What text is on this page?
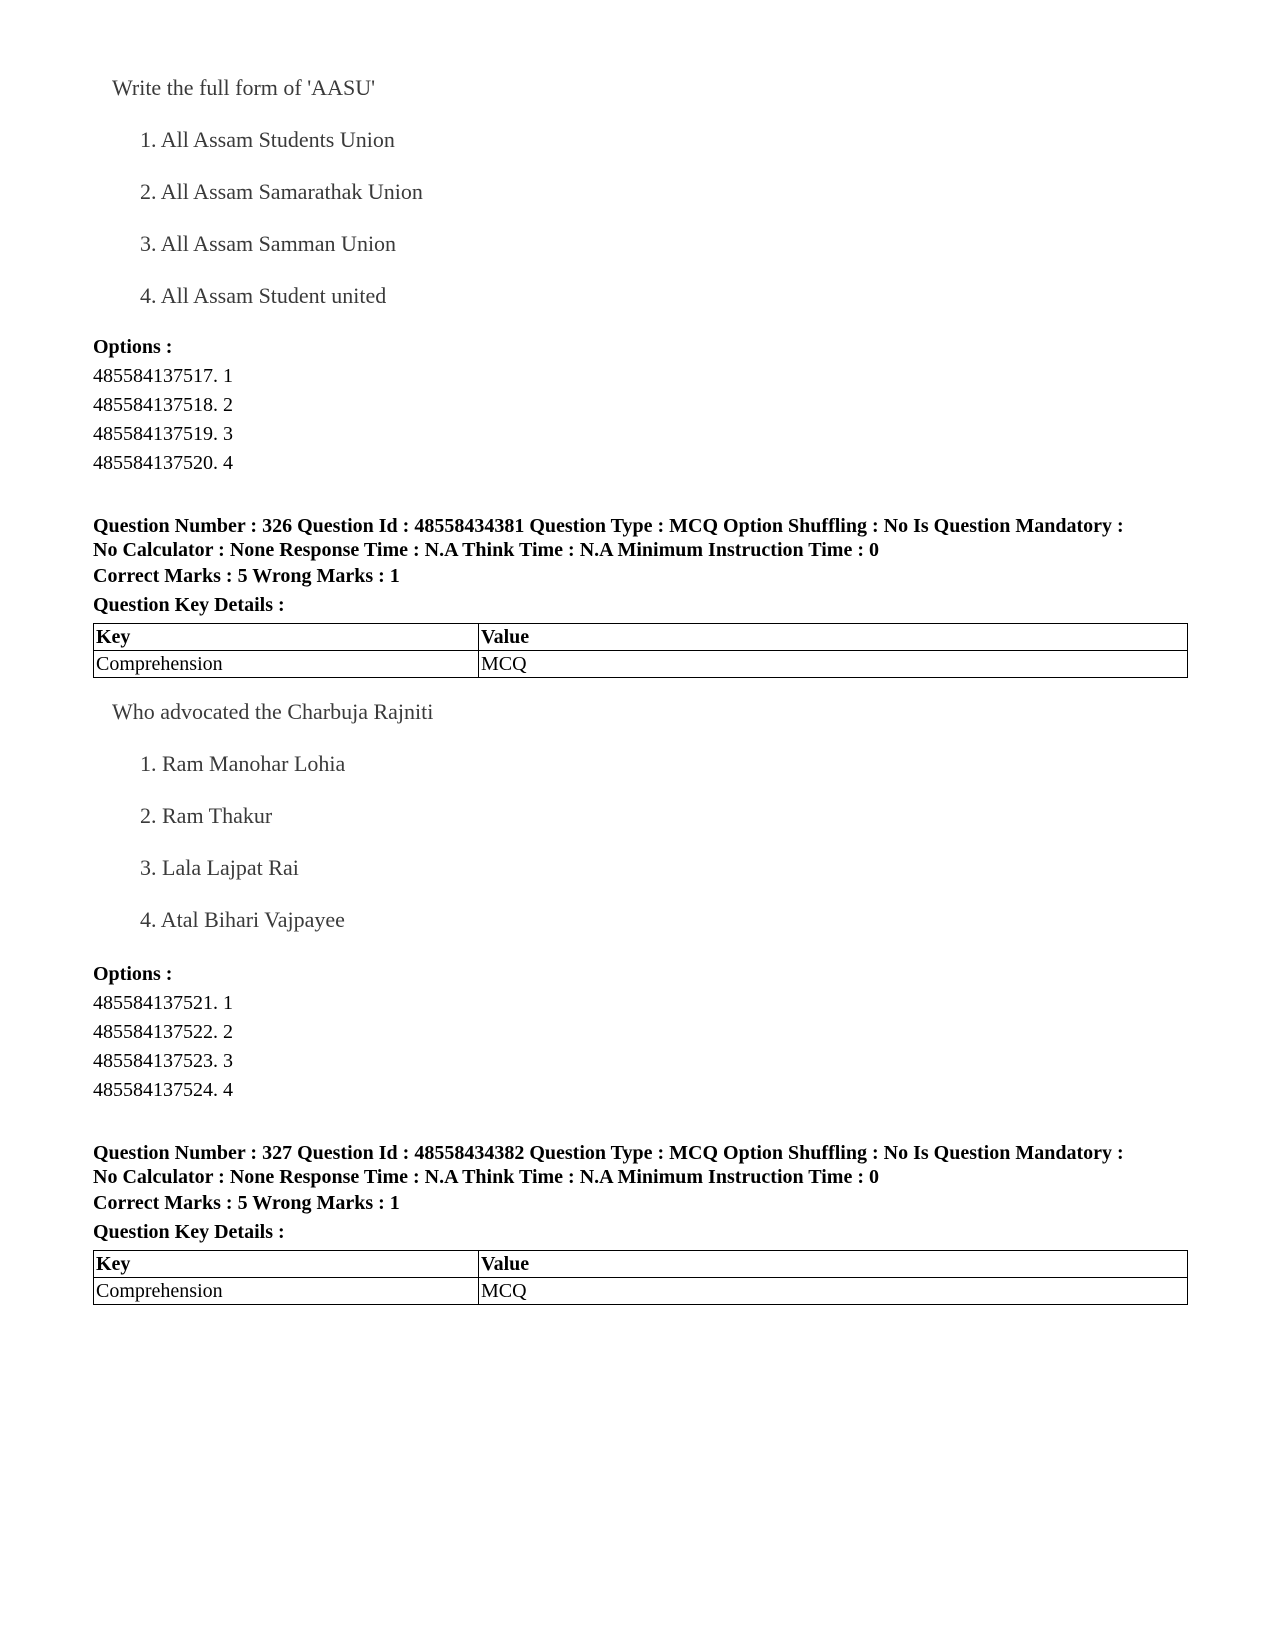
Write the full form of 'AASU'

1. All Assam Students Union
2. All Assam Samarathak Union
3. All Assam Samman Union
4. All Assam Student united
Options :
485584137517. 1
485584137518. 2
485584137519. 3
485584137520. 4
Question Number : 326 Question Id : 48558434381 Question Type : MCQ Option Shuffling : No Is Question Mandatory :
No Calculator : None Response Time : N.A Think Time : N.A Minimum Instruction Time : 0
Correct Marks : 5 Wrong Marks : 1
Question Key Details :
Key	Value
Comprehension	MCQ

Who advocated the Charbuja Rajniti

1. Ram Manohar Lohia
2. Ram Thakur
3. Lala Lajpat Rai
4. Atal Bihari Vajpayee
Options :
485584137521. 1
485584137522. 2
485584137523. 3
485584137524. 4
Question Number : 327 Question Id : 48558434382 Question Type : MCQ Option Shuffling : No Is Question Mandatory :
No Calculator : None Response Time : N.A Think Time : N.A Minimum Instruction Time : 0
Correct Marks : 5 Wrong Marks : 1
Question Key Details :
Key	Value
Comprehension	MCQ
